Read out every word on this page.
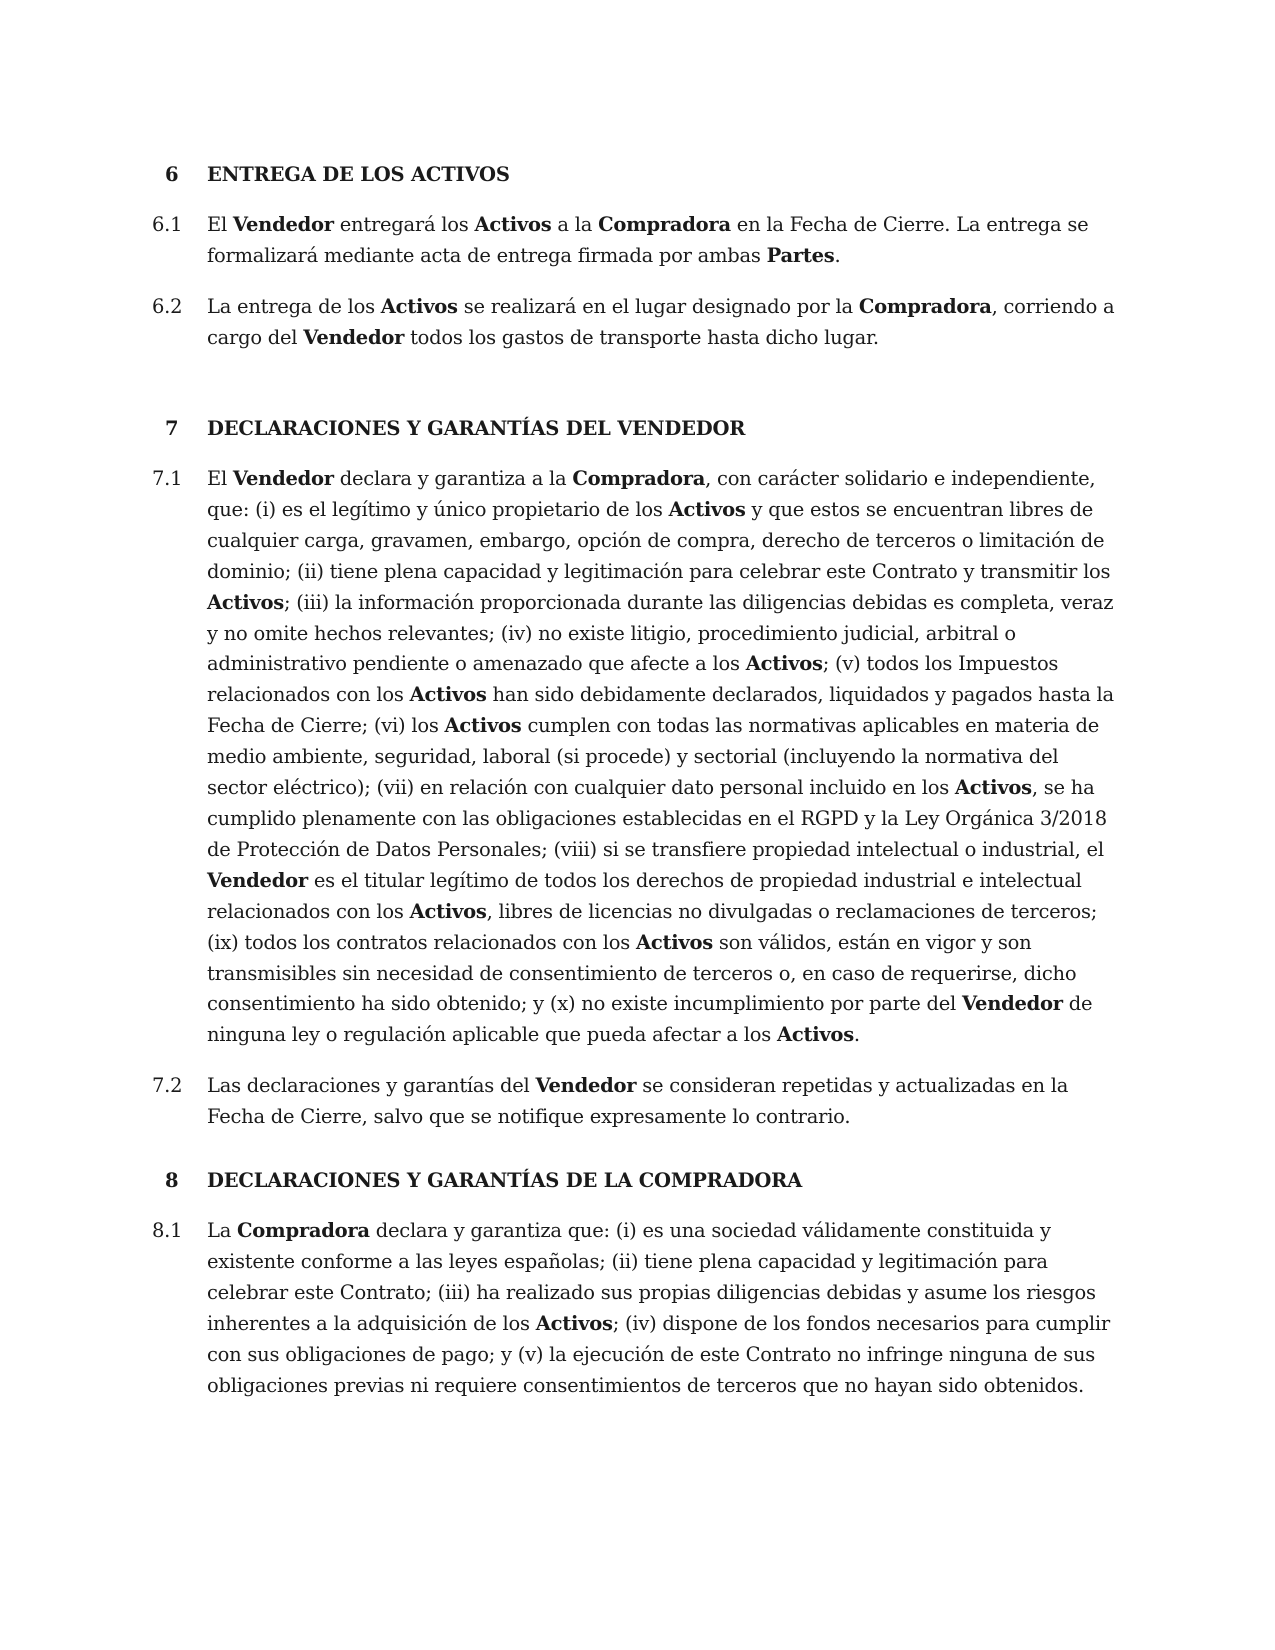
6	ENTREGA DE LOS ACTIVOS
6.1 El Vendedor entregará los Activos a la Compradora en la Fecha de Cierre. La entrega se
formalizará mediante acta de entrega firmada por ambas Partes.
6.2 La entrega de los Activos se realizará en el lugar designado por la Compradora, corriendo a
cargo del Vendedor todos los gastos de transporte hasta dicho lugar.
7	DECLARACIONES Y GARANTÍAS DEL VENDEDOR
7.1 El Vendedor declara y garantiza a la Compradora, con carácter solidario e independiente,
que: (i) es el legítimo y único propietario de los Activos y que estos se encuentran libres de
cualquier carga, gravamen, embargo, opción de compra, derecho de terceros o limitación de
dominio; (ii) tiene plena capacidad y legitimación para celebrar este Contrato y transmitir los
Activos; (iii) la información proporcionada durante las diligencias debidas es completa, veraz
y no omite hechos relevantes; (iv) no existe litigio, procedimiento judicial, arbitral o
administrativo pendiente o amenazado que afecte a los Activos; (v) todos los Impuestos
relacionados con los Activos han sido debidamente declarados, liquidados y pagados hasta la
Fecha de Cierre; (vi) los Activos cumplen con todas las normativas aplicables en materia de
medio ambiente, seguridad, laboral (si procede) y sectorial (incluyendo la normativa del
sector eléctrico); (vii) en relación con cualquier dato personal incluido en los Activos, se ha
cumplido plenamente con las obligaciones establecidas en el RGPD y la Ley Orgánica 3/2018
de Protección de Datos Personales; (viii) si se transfiere propiedad intelectual o industrial, el
Vendedor es el titular legítimo de todos los derechos de propiedad industrial e intelectual
relacionados con los Activos, libres de licencias no divulgadas o reclamaciones de terceros;
(ix) todos los contratos relacionados con los Activos son válidos, están en vigor y son
transmisibles sin necesidad de consentimiento de terceros o, en caso de requerirse, dicho
consentimiento ha sido obtenido; y (x) no existe incumplimiento por parte del Vendedor de
ninguna ley o regulación aplicable que pueda afectar a los Activos.
7.2 Las declaraciones y garantías del Vendedor se consideran repetidas y actualizadas en la
Fecha de Cierre, salvo que se notifique expresamente lo contrario.
8	DECLARACIONES Y GARANTÍAS DE LA COMPRADORA
8.1 La Compradora declara y garantiza que: (i) es una sociedad válidamente constituida y
existente conforme a las leyes españolas; (ii) tiene plena capacidad y legitimación para
celebrar este Contrato; (iii) ha realizado sus propias diligencias debidas y asume los riesgos
inherentes a la adquisición de los Activos; (iv) dispone de los fondos necesarios para cumplir
con sus obligaciones de pago; y (v) la ejecución de este Contrato no infringe ninguna de sus
obligaciones previas ni requiere consentimientos de terceros que no hayan sido obtenidos.
